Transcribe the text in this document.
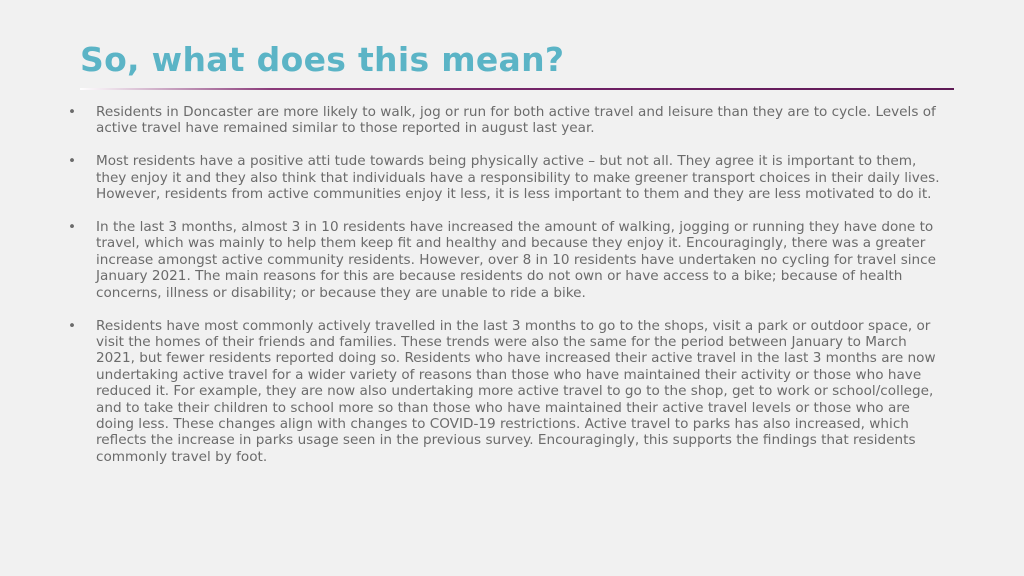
So, what does this mean?
• Residents in Doncaster are more likely to walk, jog or run for both active travel and leisure than they are to cycle. Levels of active travel have remained similar to those reported in august last year.
• Most residents have a positive atti tude towards being physically active – but not all. They agree it is important to them, they enjoy it and they also think that individuals have a responsibility to make greener transport choices in their daily lives. However, residents from active communities enjoy it less, it is less important to them and they are less motivated to do it.
• In the last 3 months, almost 3 in 10 residents have increased the amount of walking, jogging or running they have done to travel, which was mainly to help them keep fit and healthy and because they enjoy it. Encouragingly, there was a greater increase amongst active community residents. However, over 8 in 10 residents have undertaken no cycling for travel since January 2021. The main reasons for this are because residents do not own or have access to a bike; because of health concerns, illness or disability; or because they are unable to ride a bike.
• Residents have most commonly actively travelled in the last 3 months to go to the shops, visit a park or outdoor space, or visit the homes of their friends and families. These trends were also the same for the period between January to March 2021, but fewer residents reported doing so. Residents who have increased their active travel in the last 3 months are now undertaking active travel for a wider variety of reasons than those who have maintained their activity or those who have reduced it. For example, they are now also undertaking more active travel to go to the shop, get to work or school/college, and to take their children to school more so than those who have maintained their active travel levels or those who are doing less. These changes align with changes to COVID-19 restrictions. Active travel to parks has also increased, which reflects the increase in parks usage seen in the previous survey. Encouragingly, this supports the findings that residents commonly travel by foot.
